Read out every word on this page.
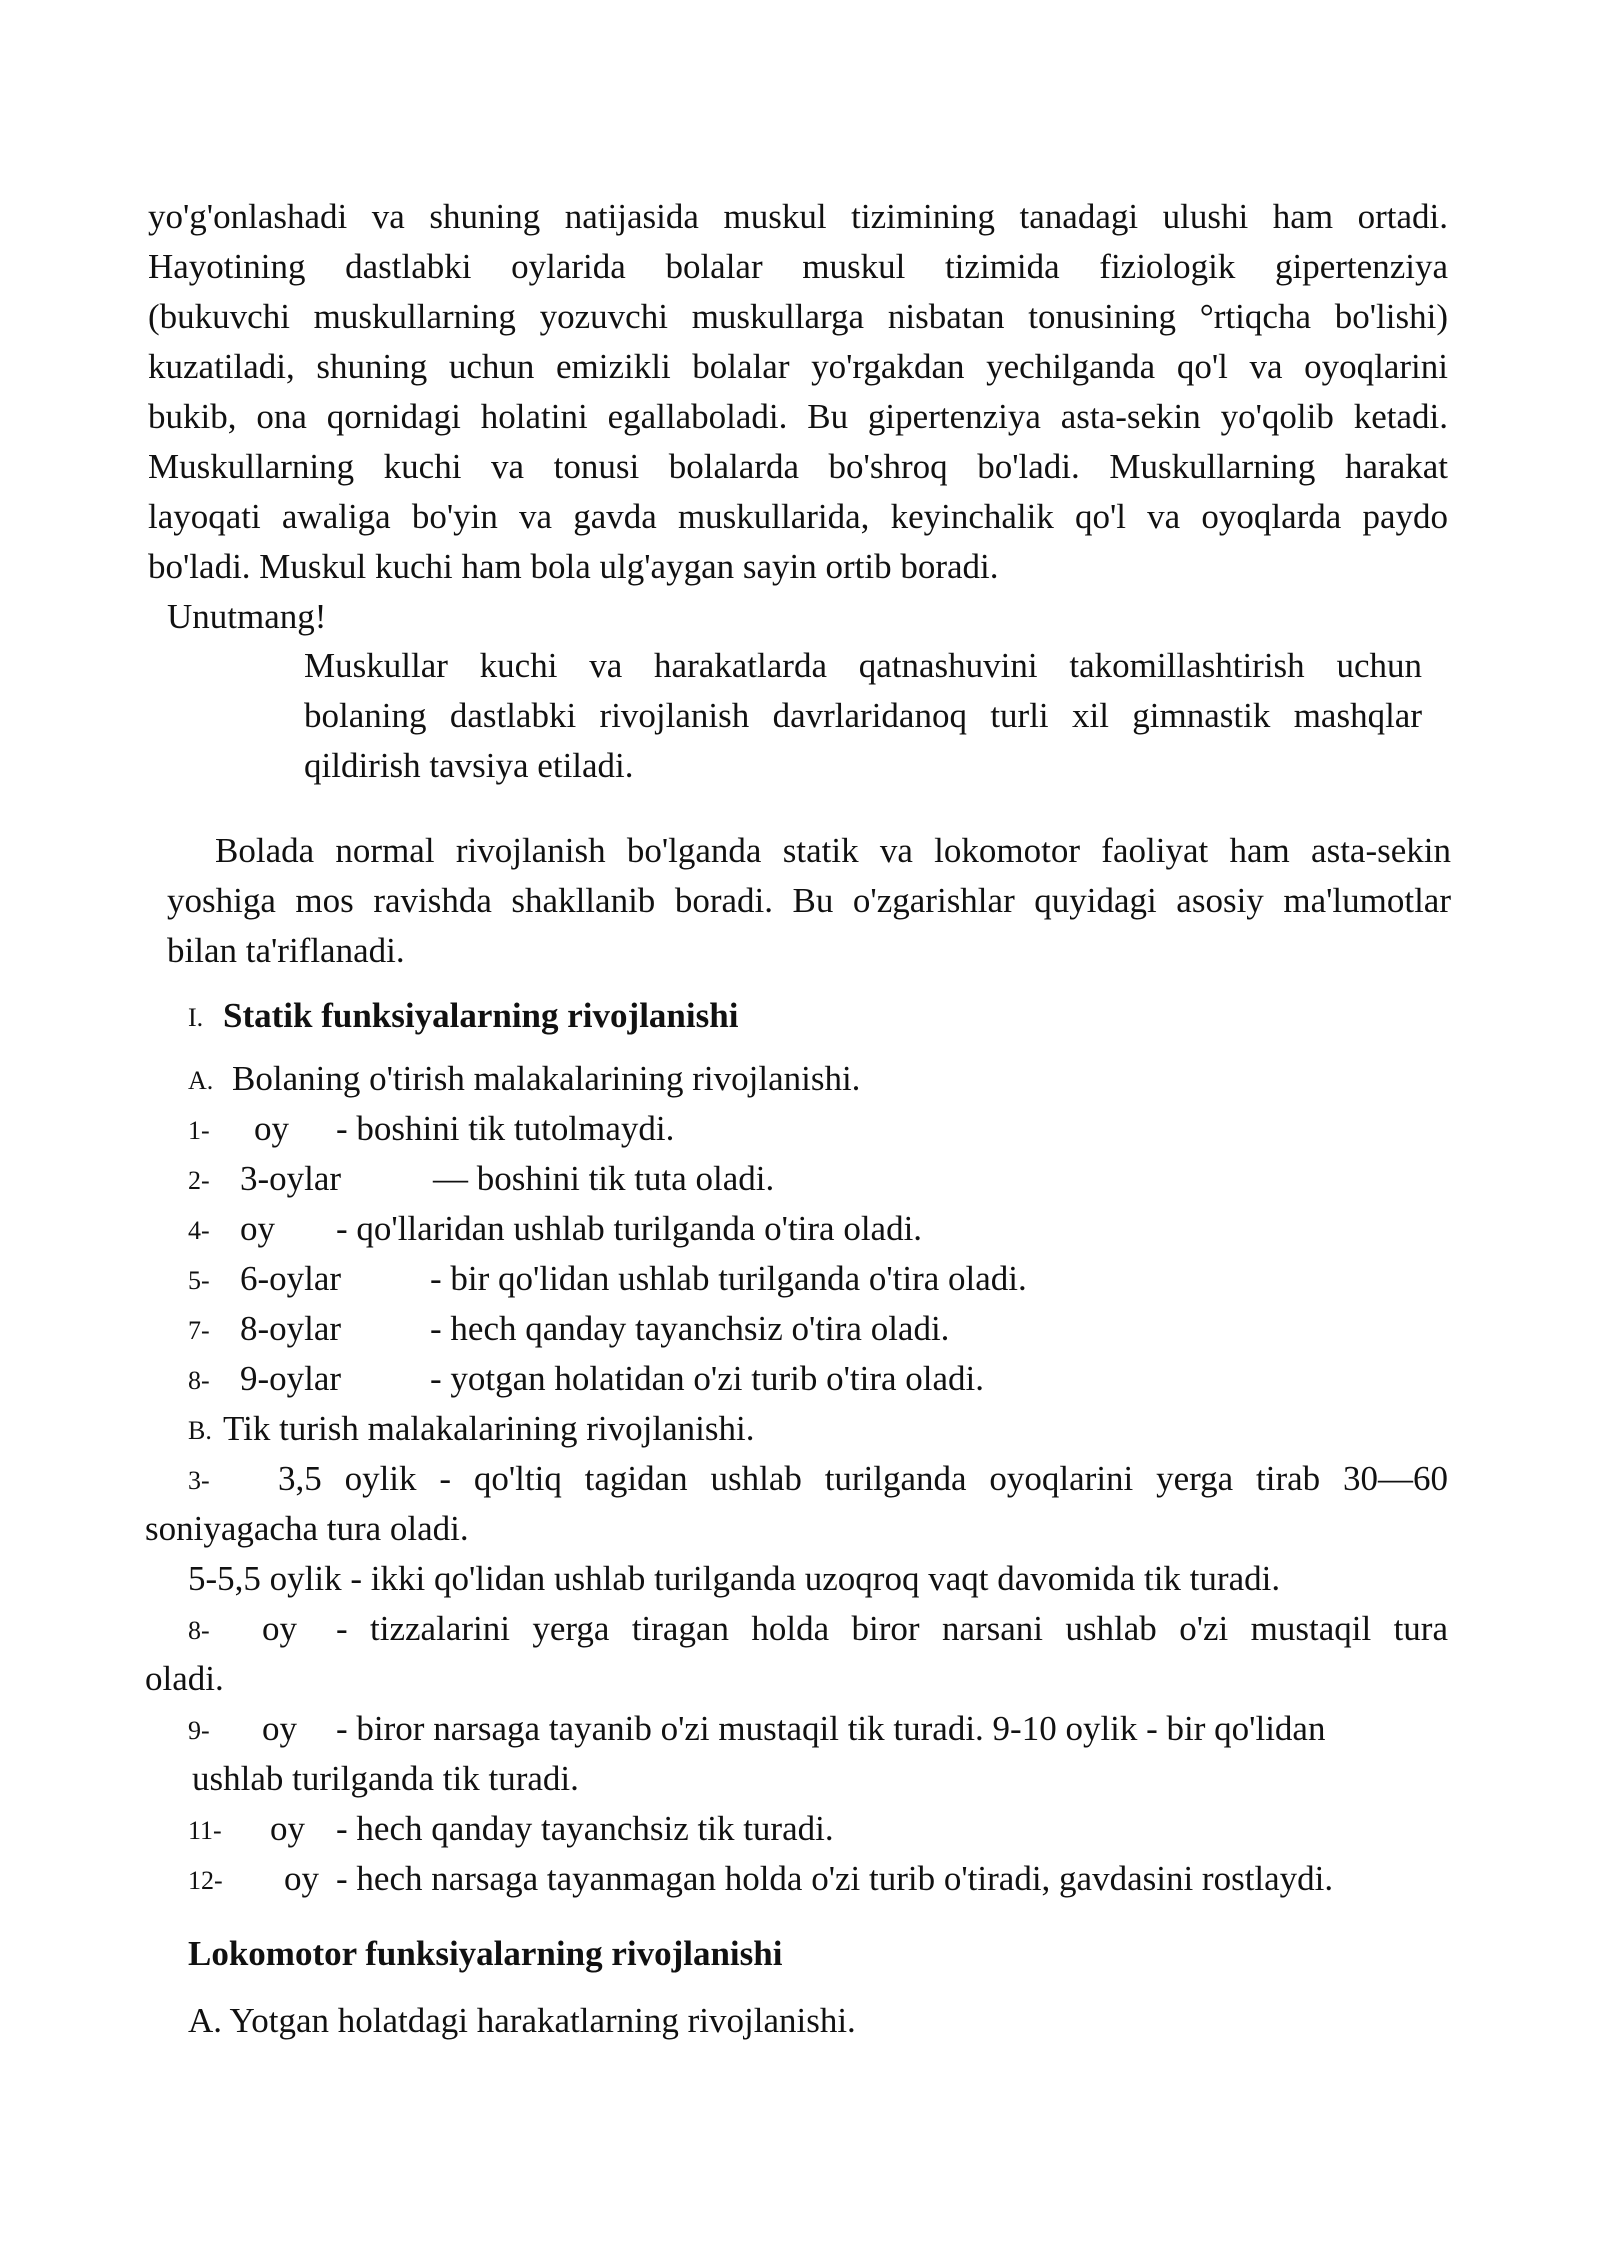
yo'g'onlashadi va shuning natijasida muskul tizimining tanadagi ulushi ham ortadi.
Hayotining dastlabki oylarida bolalar muskul tizimida fiziologik gipertenziya
(bukuvchi muskullarning yozuvchi muskullarga nisbatan tonusining °rtiqcha bo'lishi)
kuzatiladi, shuning uchun emizikli bolalar yo'rgakdan yechilganda qo'l va oyoqlarini
bukib, ona qornidagi holatini egallaboladi. Bu gipertenziya asta-sekin yo'qolib ketadi.
Muskullarning kuchi va tonusi bolalarda bo'shroq bo'ladi. Muskullarning harakat
layoqati awaliga bo'yin va gavda muskullarida, keyinchalik qo'l va oyoqlarda paydo
bo'ladi. Muskul kuchi ham bola ulg'aygan sayin ortib boradi.
Unutmang!
Muskullar kuchi va harakatlarda qatnashuvini takomillashtirish uchun
bolaning dastlabki rivojlanish davrlaridanoq turli xil gimnastik mashqlar
qildirish tavsiya etiladi.
Bolada normal rivojlanish bo'lganda statik va lokomotor faoliyat ham asta-sekin
yoshiga mos ravishda shakllanib boradi. Bu o'zgarishlar quyidagi asosiy ma'lumotlar
bilan ta'riflanadi.
I. Statik funksiyalarning rivojlanishi
A. Bolaning o'tirish malakalarining rivojlanishi.
1- oy - boshini tik tutolmaydi.
2- 3-oylar	— boshini tik tuta oladi.
4- oy - qo'llaridan ushlab turilganda o'tira oladi.
5- 6-oylar	- bir qo'lidan ushlab turilganda o'tira oladi.
7- 8-oylar	- hech qanday tayanchsiz o'tira oladi.
8- 9-oylar	- yotgan holatidan o'zi turib o'tira oladi.
B. Tik turish malakalarining rivojlanishi.
3- 3,5 oylik - qo'ltiq tagidan ushlab turilganda oyoqlarini yerga tirab 30—60
soniyagacha tura oladi.
5-5,5 oylik - ikki qo'lidan ushlab turilganda uzoqroq vaqt davomida tik turadi.
8- oy - tizzalarini yerga tiragan holda biror narsani ushlab o'zi mustaqil tura
oladi.
9- oy - biror narsaga tayanib o'zi mustaqil tik turadi. 9-10 oylik - bir qo'lidan
ushlab turilganda tik turadi.
11- oy - hech qanday tayanchsiz tik turadi.
12- oy - hech narsaga tayanmagan holda o'zi turib o'tiradi, gavdasini rostlaydi.
Lokomotor funksiyalarning rivojlanishi
A. Yotgan holatdagi harakatlarning rivojlanishi.
